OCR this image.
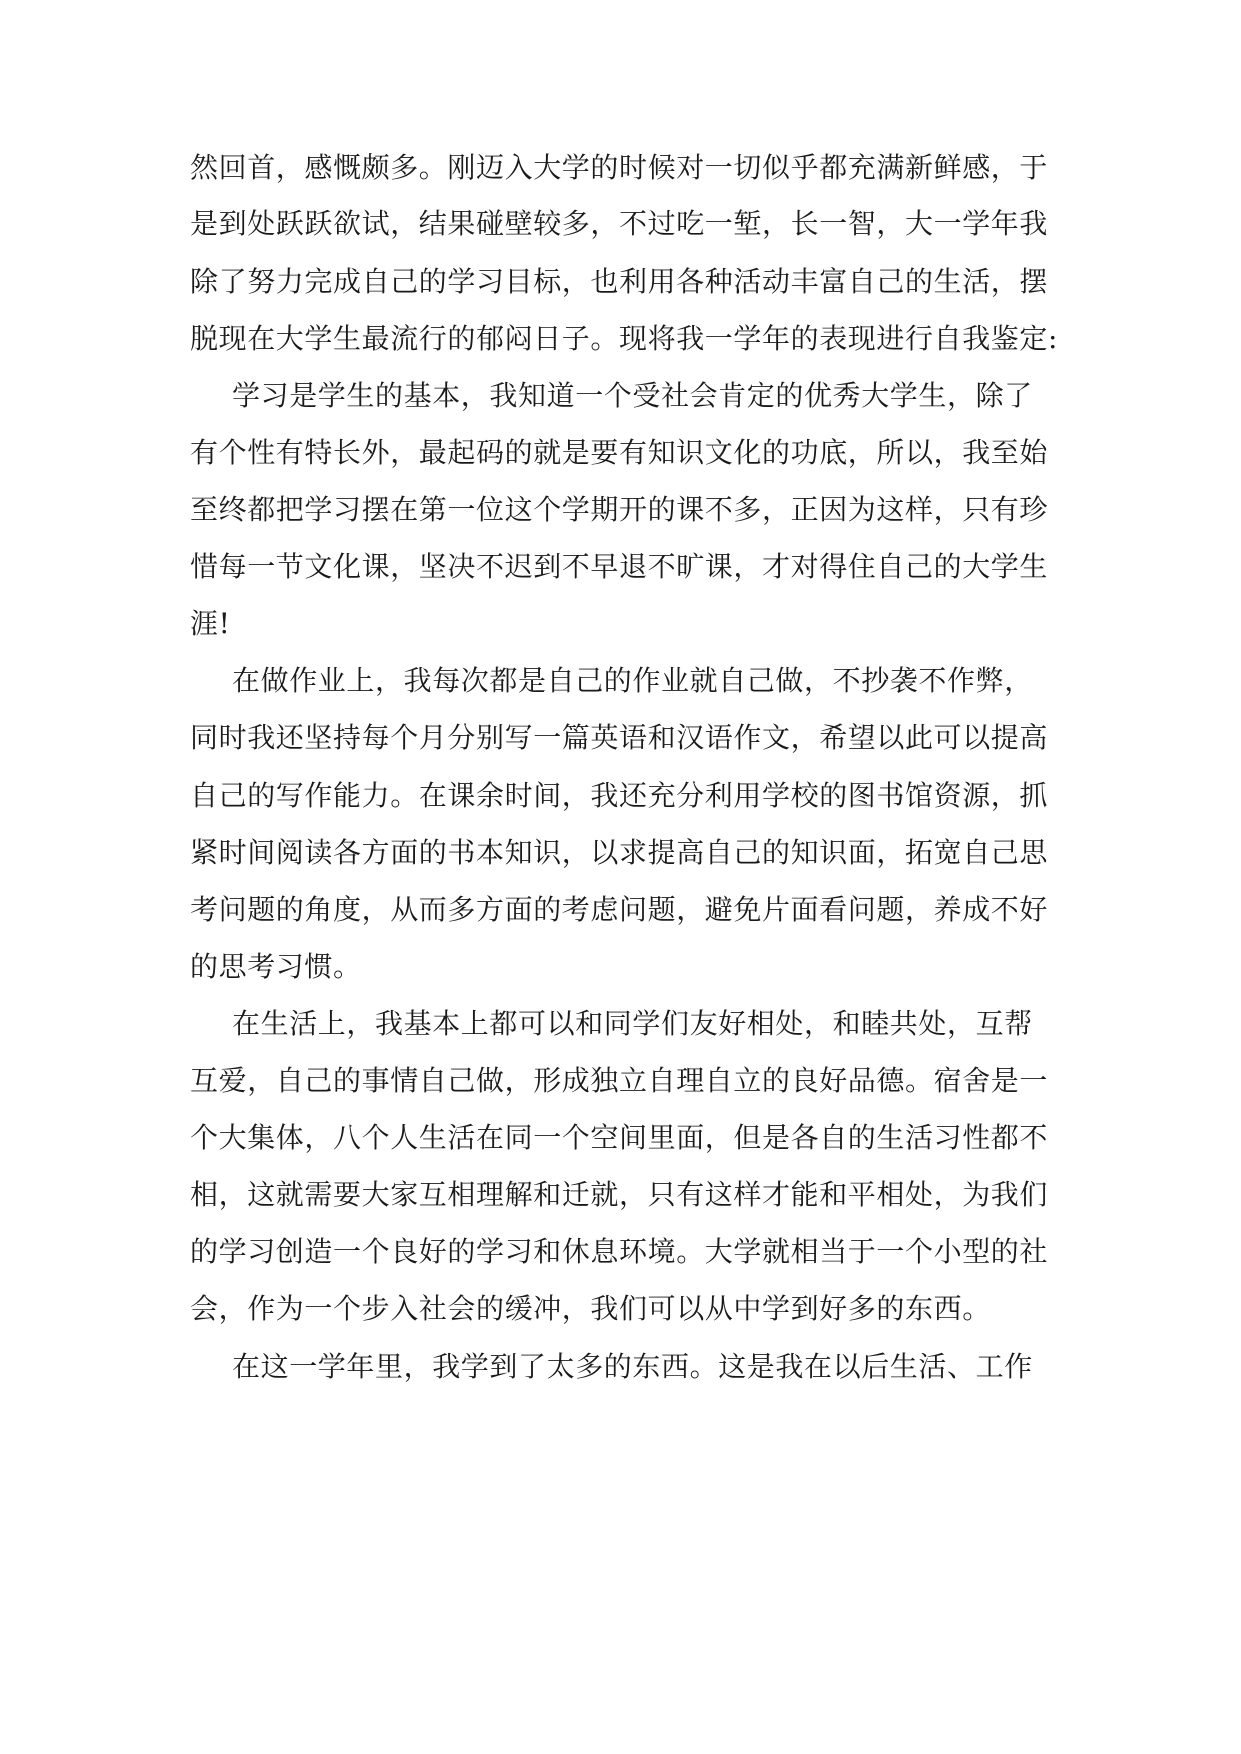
然回首，感慨颇多。刚迈入大学的时候对一切似乎都充满新鲜感，于
是到处跃跃欲试，结果碰壁较多，不过吃一堑，长一智，大一学年我
除了努力完成自己的学习目标，也利用各种活动丰富自己的生活，摆
脱现在大学生最流行的郁闷日子。现将我一学年的表现进行自我鉴定:
学习是学生的基本，我知道一个受社会肯定的优秀大学生，除了
有个性有特长外，最起码的就是要有知识文化的功底，所以，我至始
至终都把学习摆在第一位这个学期开的课不多，正因为这样，只有珍
惜每一节文化课，坚决不迟到不早退不旷课，才对得住自己的大学生
涯!
在做作业上，我每次都是自己的作业就自己做，不抄袭不作弊，
同时我还坚持每个月分别写一篇英语和汉语作文，希望以此可以提高
自己的写作能力。在课余时间，我还充分利用学校的图书馆资源，抓
紧时间阅读各方面的书本知识，以求提高自己的知识面，拓宽自己思
考问题的角度，从而多方面的考虑问题，避免片面看问题，养成不好
的思考习惯。
在生活上，我基本上都可以和同学们友好相处，和睦共处，互帮
互爱，自己的事情自己做，形成独立自理自立的良好品德。宿舍是一
个大集体，八个人生活在同一个空间里面，但是各自的生活习性都不
相，这就需要大家互相理解和迁就，只有这样才能和平相处，为我们
的学习创造一个良好的学习和休息环境。大学就相当于一个小型的社
会，作为一个步入社会的缓冲，我们可以从中学到好多的东西。
在这一学年里，我学到了太多的东西。这是我在以后生活、工作
